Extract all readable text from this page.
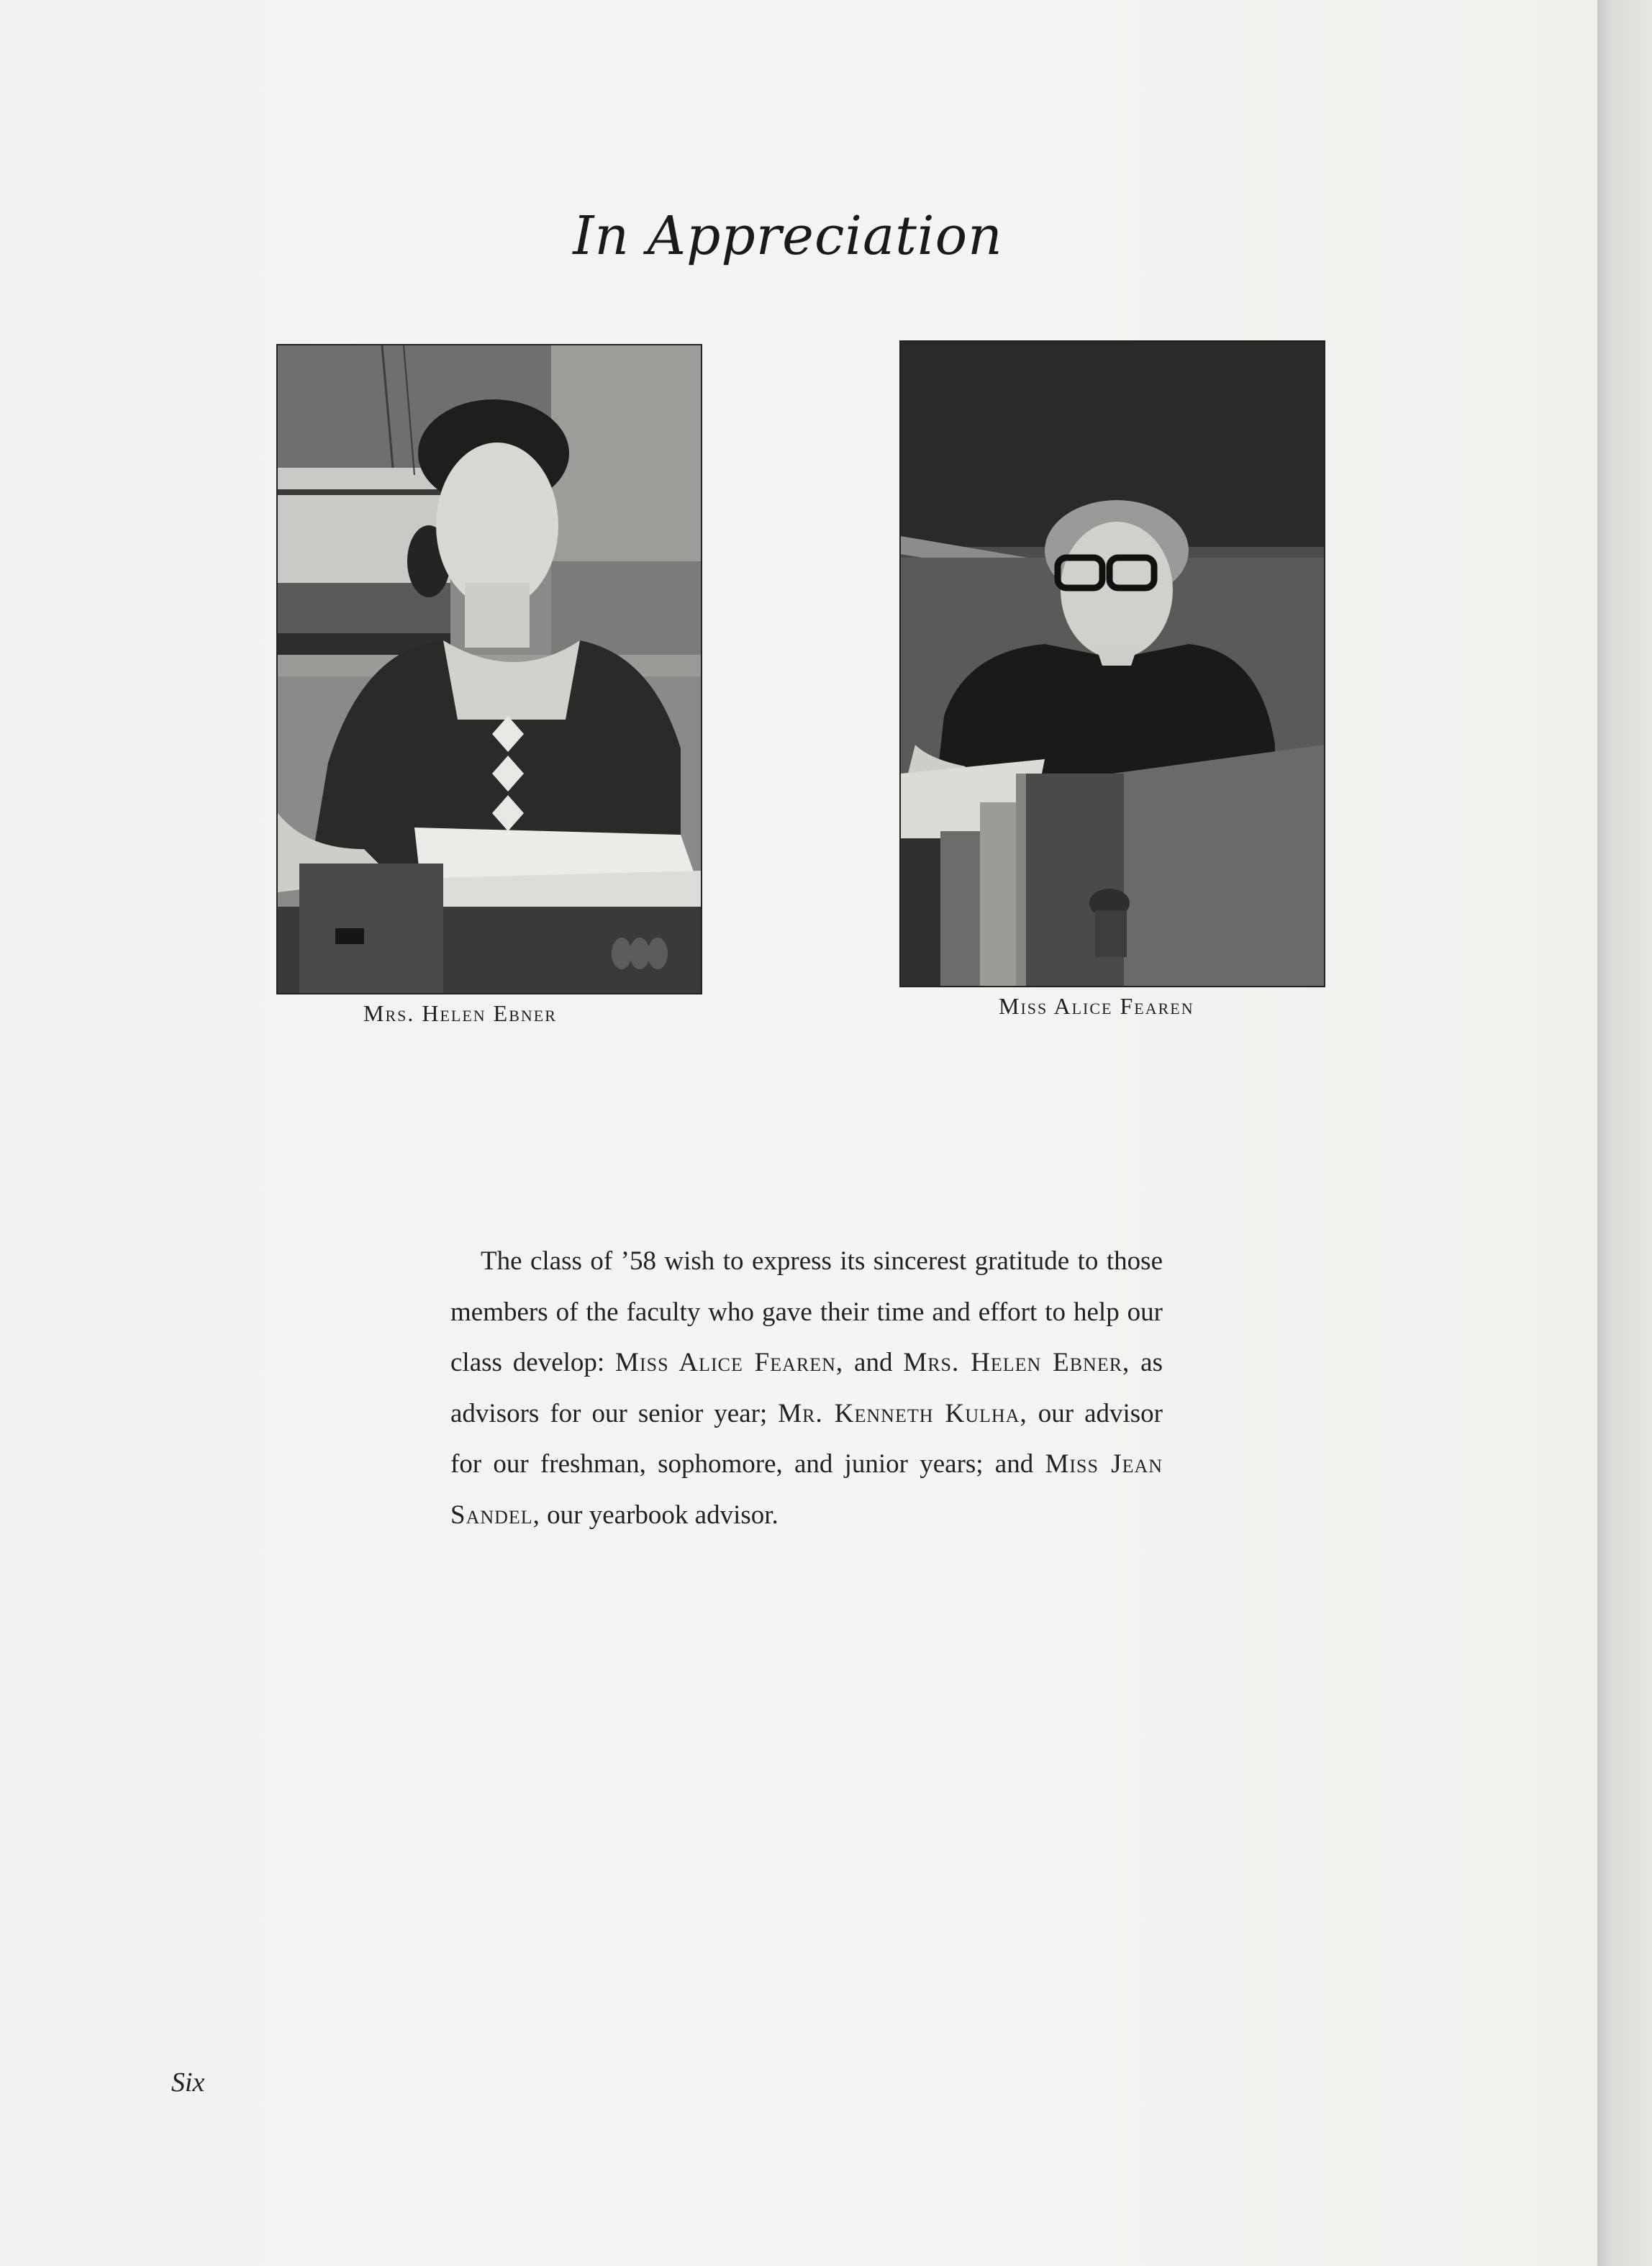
In Appreciation
Mrs. Helen Ebner	Miss Alice Fearen

The class of ’58 wish to express its sincerest gratitude to those members of the faculty who gave their time and effort to help our class develop: Miss Alice Fearen, and Mrs. Helen Ebner, as advisors for our senior year; Mr. Kenneth Kulha, our advisor for our freshman, sophomore, and junior years; and Miss Jean Sandel, our yearbook advisor.

Six
